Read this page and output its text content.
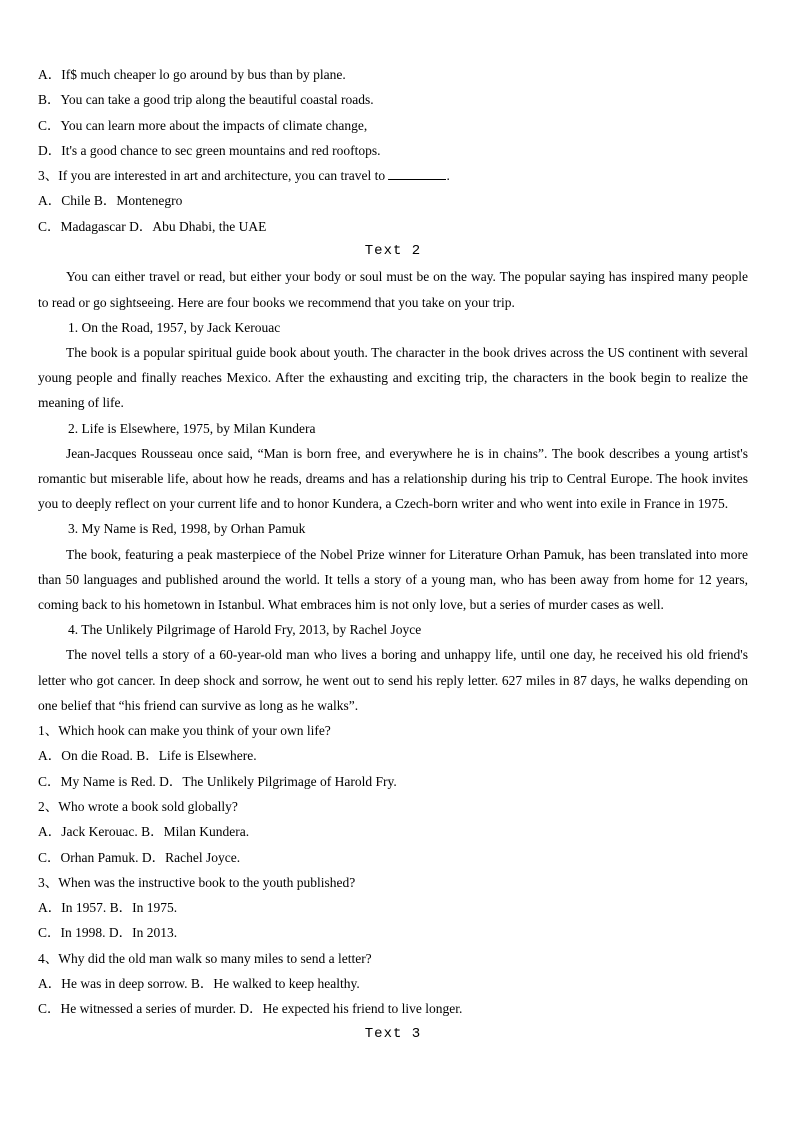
A．If$ much cheaper lo go around by bus than by plane.
B．You can take a good trip along the beautiful coastal roads.
C．You can learn more about the impacts of climate change,
D．It's a good chance to sec green mountains and red rooftops.
3、If you are interested in art and architecture, you can travel to	.
A．Chile B．Montenegro
C．Madagascar D．Abu Dhabi, the UAE
Text 2

You can either travel or read, but either your body or soul must be on the way. The popular saying has inspired many people to read or go sightseeing. Here are four books we recommend that you take on your trip.

1. On the Road, 1957, by Jack Kerouac

The book is a popular spiritual guide book about youth. The character in the book drives across the US continent with several young people and finally reaches Mexico. After the exhausting and exciting trip, the characters in the book begin to realize the meaning of life.

2. Life is Elsewhere, 1975, by Milan Kundera

Jean-Jacques Rousseau once said, “Man is born free, and everywhere he is in chains”. The book describes a young artist's romantic but miserable life, about how he reads, dreams and has a relationship during his trip to Central Europe. The hook invites you to deeply reflect on your current life and to honor Kundera, a Czech-born writer and who went into exile in France in 1975.

3. My Name is Red, 1998, by Orhan Pamuk

The book, featuring a peak masterpiece of the Nobel Prize winner for Literature Orhan Pamuk, has been translated into more than 50 languages and published around the world. It tells a story of a young man, who has been away from home for 12 years, coming back to his hometown in Istanbul. What embraces him is not only love, but a series of murder cases as well.

4. The Unlikely Pilgrimage of Harold Fry, 2013, by Rachel Joyce

The novel tells a story of a 60-year-old man who lives a boring and unhappy life, until one day, he received his old friend's letter who got cancer. In deep shock and sorrow, he went out to send his reply letter. 627 miles in 87 days, he walks depending on one belief that “his friend can survive as long as he walks”.

1、Which hook can make you think of your own life?
A．On die Road. B．Life is Elsewhere.
C．My Name is Red. D．The Unlikely Pilgrimage of Harold Fry.
2、Who wrote a book sold globally?
A．Jack Kerouac. B．Milan Kundera.
C．Orhan Pamuk. D．Rachel Joyce.
3、When was the instructive book to the youth published?
A．In 1957. B．In 1975.
C．In 1998. D．In 2013.
4、Why did the old man walk so many miles to send a letter?
A．He was in deep sorrow. B．He walked to keep healthy.
C．He witnessed a series of murder. D．He expected his friend to live longer.
Text 3
